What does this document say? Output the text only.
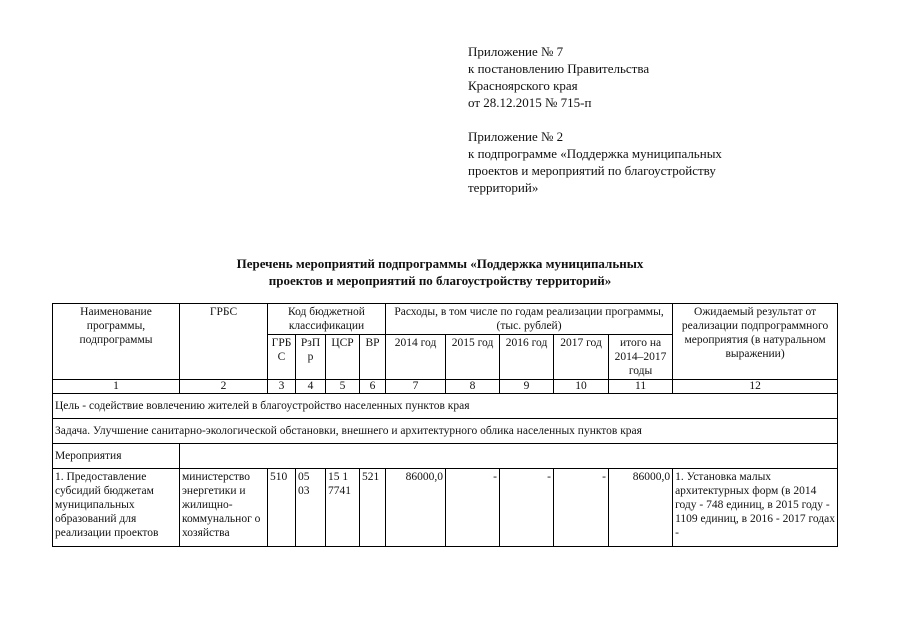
Приложение № 7
к постановлению Правительства
Красноярского края
от 28.12.2015 № 715-п
Приложение № 2
к подпрограмме «Поддержка муниципальных
проектов и мероприятий по благоустройству
территорий»
Перечень мероприятий подпрограммы «Поддержка муниципальных
проектов и мероприятий по благоустройству территорий»
Наименование программы, подпрограммы	ГРБС	Код бюджетной классификации				Расходы, в том числе по годам реализации программы, (тыс. рублей)					Ожидаемый результат от реализации подпрограммного мероприятия (в натуральном выражении)
		ГРБ С	РзП р	ЦСР	ВР	2014 год	2015 год	2016 год	2017 год	итого на 2014–2017 годы	
1	2	3	4	5	6	7	8	9	10	11	12
Цель - содействие вовлечению жителей в благоустройство населенных пунктов края											
Задача. Улучшение санитарно-экологической обстановки, внешнего и архитектурного облика населенных пунктов края											
Мероприятия											
1. Предоставление субсидий бюджетам муниципальных образований для реализации проектов	министерство энергетики и жилищно-коммунальног о хозяйства	510	05 03	15 1 7741	521	86000,0	-	-	-	86000,0	1. Установка малых архитектурных форм (в 2014 году - 748 единиц, в 2015 году - 1109 единиц, в 2016 - 2017 годах -
